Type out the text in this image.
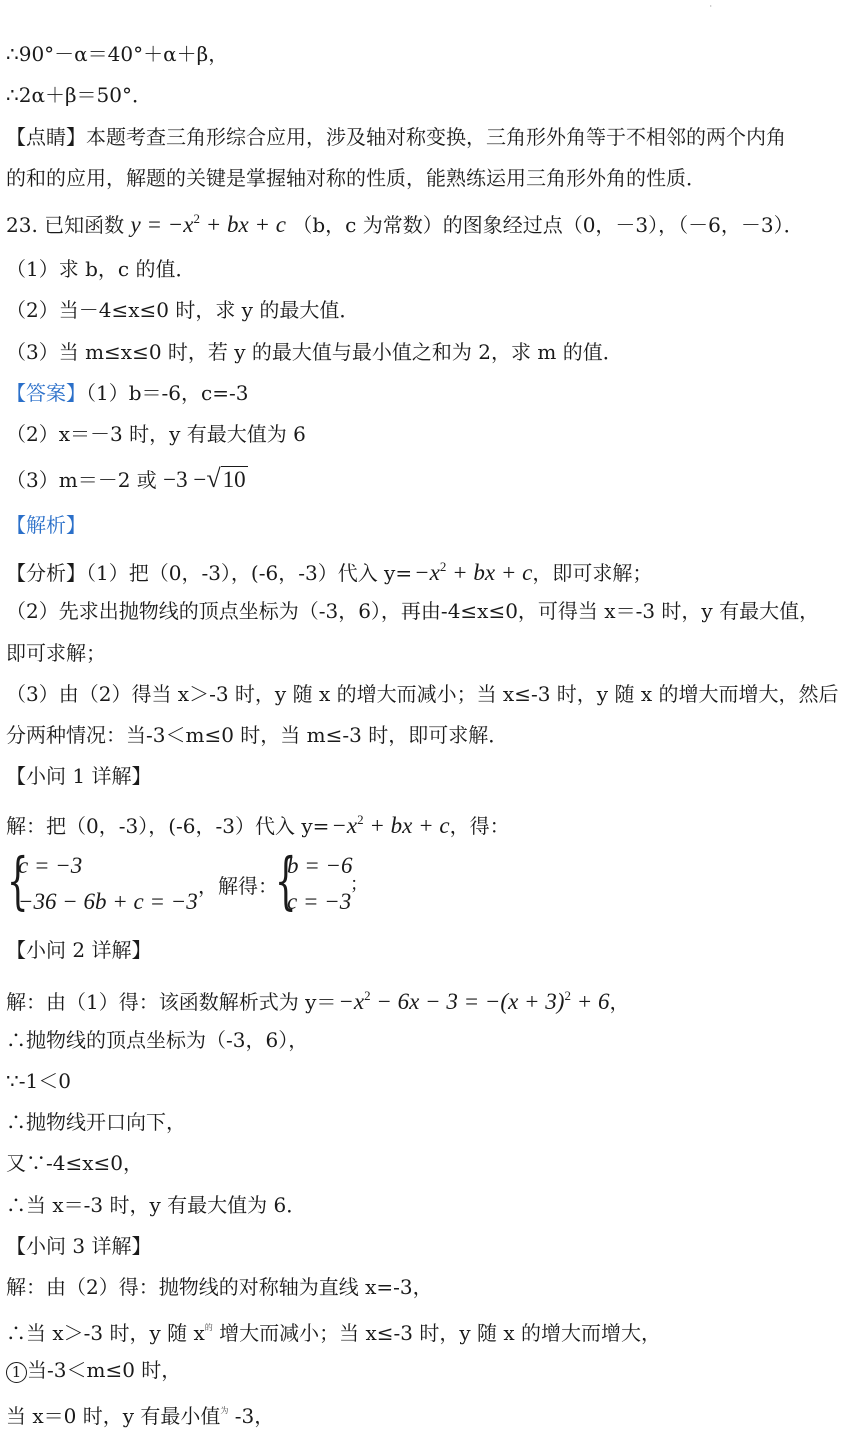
·
∴90°－α＝40°＋α＋β，
∴2α＋β＝50°．
【点睛】本题考查三角形综合应用，涉及轴对称变换，三角形外角等于不相邻的两个内角
的和的应用，解题的关键是掌握轴对称的性质，能熟练运用三角形外角的性质．
23. 已知函数 $y = -x^2$ + bx + c （b，c 为常数）的图象经过点（0，－3），（－6，－3）．
（1）求 b，c 的值．
（2）当－4≤x≤0 时，求 y 的最大值．
（3）当 m≤x≤0 时，若 y 的最大值与最小值之和为 2，求 m 的值．
【答案】（1）b＝-6，c=-3
（2）x＝－3 时，y 有最大值为 6
（3）m＝－2 或 −3 −√10
【解析】
【分析】（1）把（0，-3），(-6，-3）代入 $y=-x^2$ + bx + c，即可求解；
（2）先求出抛物线的顶点坐标为（-3，6），再由-4≤x≤0，可得当 x＝-3 时，y 有最大值，
即可求解；
（3）由（2）得当 x＞-3 时，y 随 x 的增大而减小；当 x≤-3 时，y 随 x 的增大而增大，然后
分两种情况：当-3＜m≤0 时，当 m≤-3 时，即可求解．
【小问 1 详解】
解：把（0，-3），(-6，-3）代入 $y=-x^2$ + bx + c，得：
{
c = −3
−36 − 6b + c = −3
，解得：
{
b = −6
c = −3
；
【小问 2 详解】
解：由（1）得：该函数解析式为 $y=-x^2 - 6x - 3 = -(x + 3)^2 + 6$，
∴抛物线的顶点坐标为（-3，6），
∵-1＜0
∴抛物线开口向下，
又∵-4≤x≤0，
∴当 x＝-3 时，y 有最大值为 6．
【小问 3 详解】
解：由（2）得：抛物线的对称轴为直线 x=-3，
∴当 x＞-3 时，y 随 $x^的$ 增大而减小；当 x≤-3 时，y 随 x 的增大而增大，
1 当-3＜m≤0 时，
当 x＝0 时，y 有最小值$^为$ -3，
